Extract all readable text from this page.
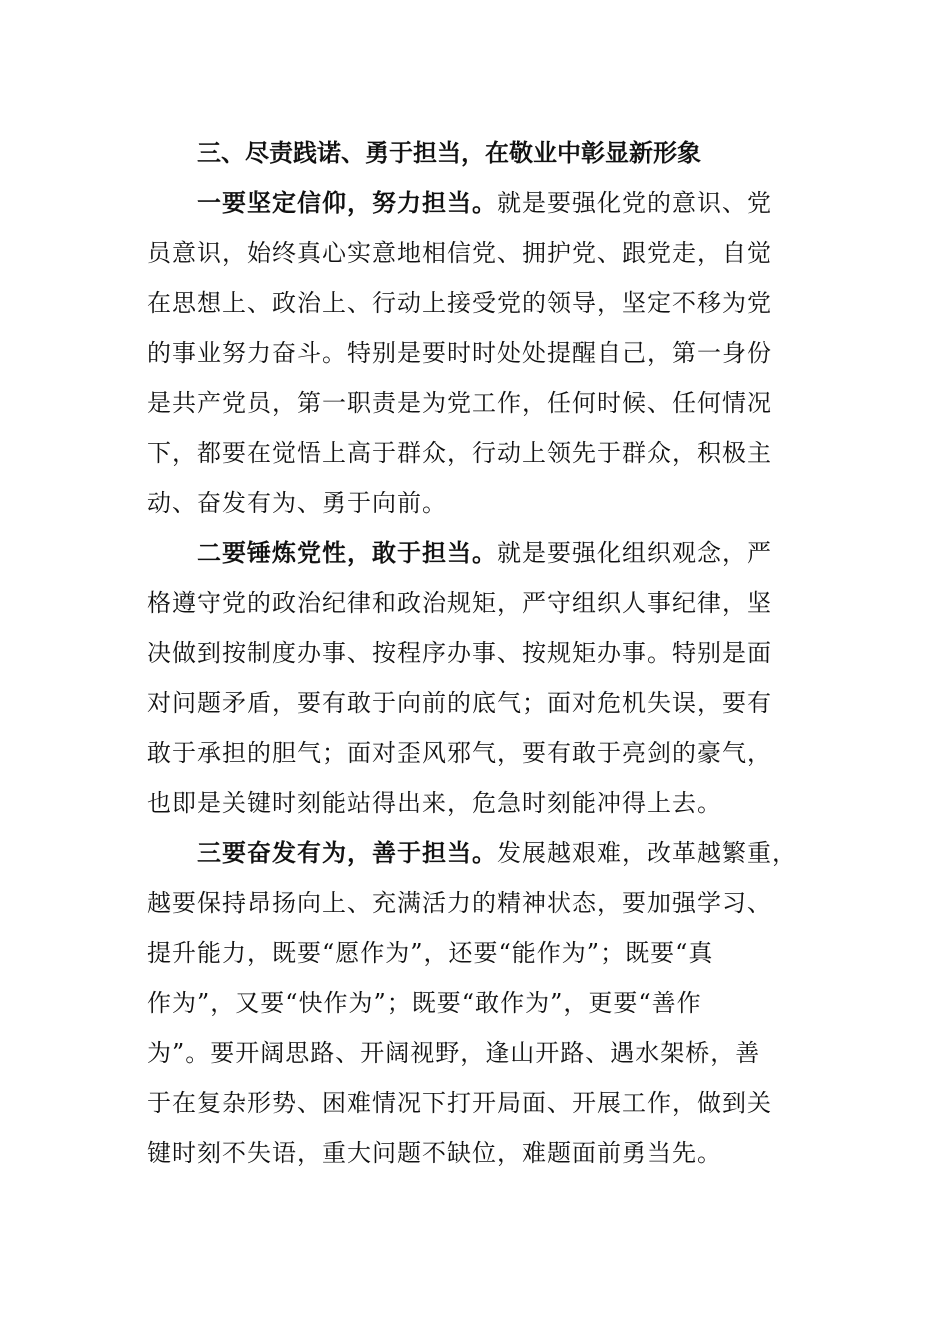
三、尽责践诺、勇于担当，在敬业中彰显新形象
一要坚定信仰，努力担当。就是要强化党的意识、党
员意识，始终真心实意地相信党、拥护党、跟党走，自觉
在思想上、政治上、行动上接受党的领导，坚定不移为党
的事业努力奋斗。特别是要时时处处提醒自己，第一身份
是共产党员，第一职责是为党工作，任何时候、任何情况
下，都要在觉悟上高于群众，行动上领先于群众，积极主
动、奋发有为、勇于向前。
二要锤炼党性，敢于担当。就是要强化组织观念，严
格遵守党的政治纪律和政治规矩，严守组织人事纪律，坚
决做到按制度办事、按程序办事、按规矩办事。特别是面
对问题矛盾，要有敢于向前的底气；面对危机失误，要有
敢于承担的胆气；面对歪风邪气，要有敢于亮剑的豪气，
也即是关键时刻能站得出来，危急时刻能冲得上去。
三要奋发有为，善于担当。发展越艰难，改革越繁重，
越要保持昂扬向上、充满活力的精神状态，要加强学习、
提升能力，既要“愿作为”，还要“能作为”；既要“真
作为”，又要“快作为”；既要“敢作为”，更要“善作
为”。要开阔思路、开阔视野，逢山开路、遇水架桥，善
于在复杂形势、困难情况下打开局面、开展工作，做到关
键时刻不失语，重大问题不缺位，难题面前勇当先。
